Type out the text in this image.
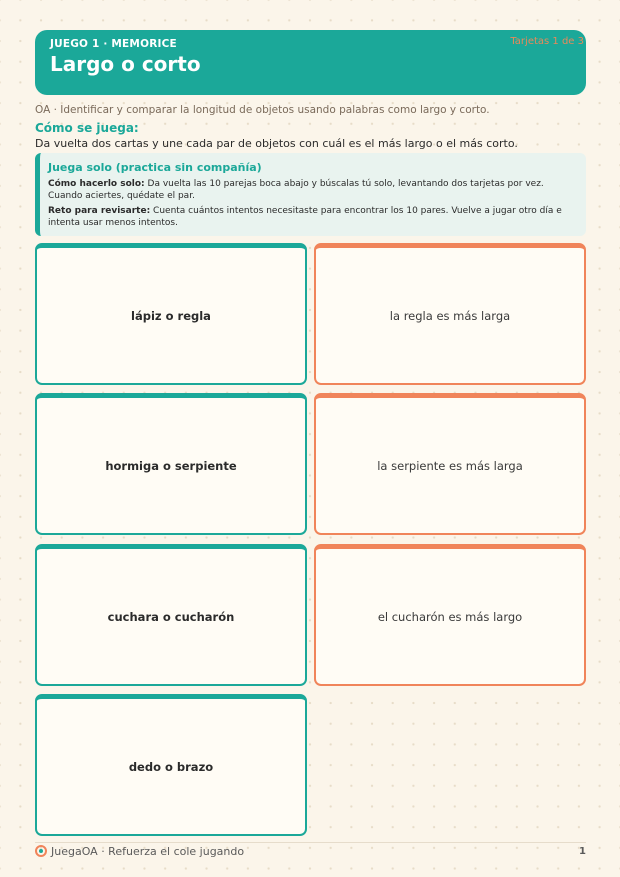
JUEGO 1 · MEMORICE
Largo o corto
Tarjetas 1 de 3
OA · Identificar y comparar la longitud de objetos usando palabras como largo y corto.
Cómo se juega:
Da vuelta dos cartas y une cada par de objetos con cuál es el más largo o el más corto.
Juega solo (practica sin compañía)
Cómo hacerlo solo: Da vuelta las 10 parejas boca abajo y búscalas tú solo, levantando dos tarjetas por vez. Cuando aciertes, quédate el par.
Reto para revisarte: Cuenta cuántos intentos necesitaste para encontrar los 10 pares. Vuelve a jugar otro día e intenta usar menos intentos.
lápiz o regla	la regla es más larga
hormiga o serpiente	la serpiente es más larga
cuchara o cucharón	el cucharón es más largo
dedo o brazo
JuegaOA · Refuerza el cole jugando	1
